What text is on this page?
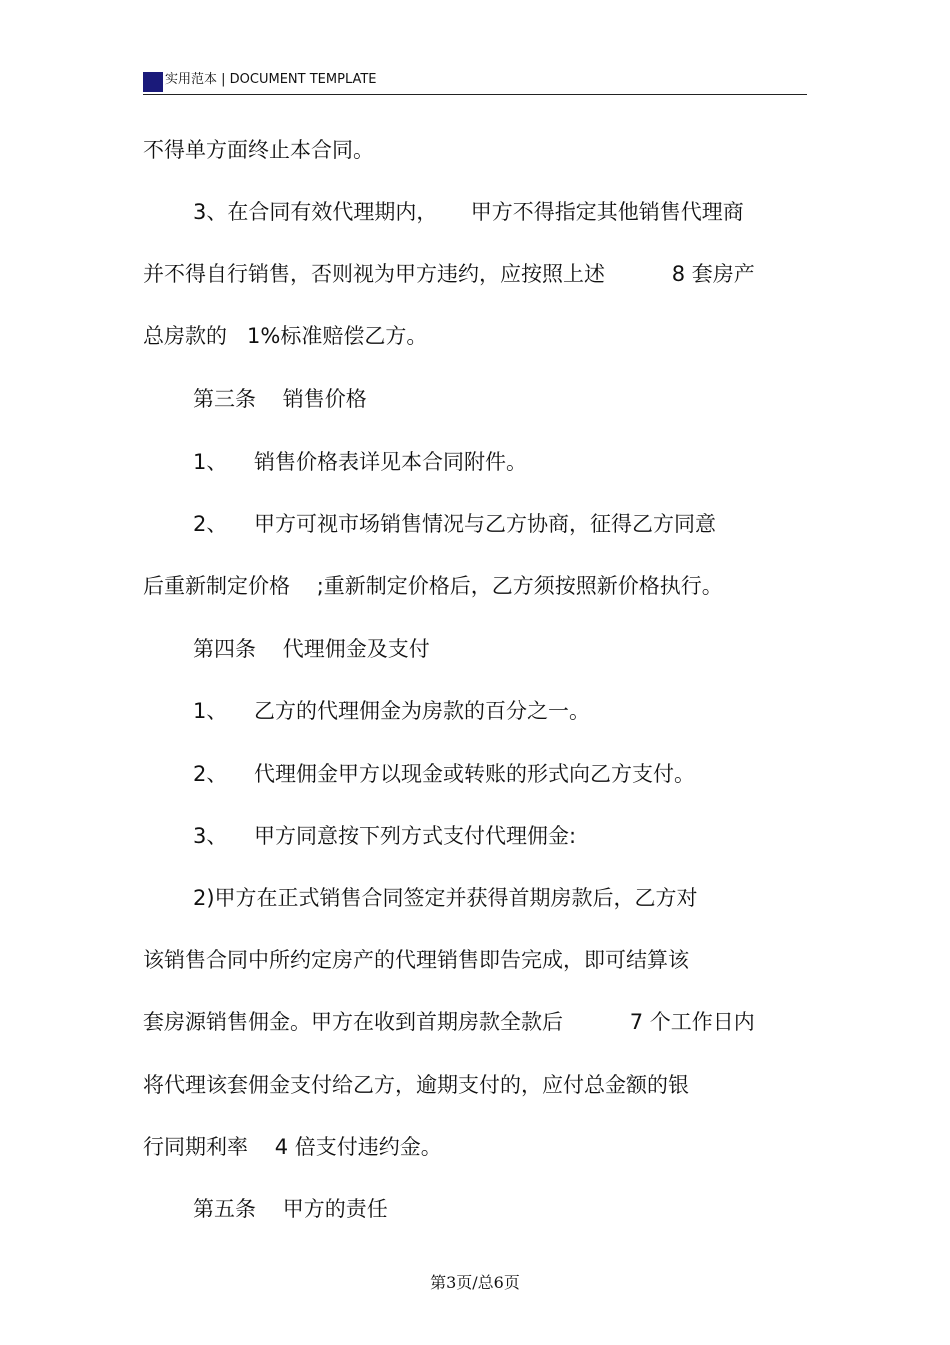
实用范本 | DOCUMENT TEMPLATE

不得单方面终止本合同。

3、在合同有效代理期内，     甲方不得指定其他销售代理商

并不得自行销售，否则视为甲方违约，应按照上述          8 套房产

总房款的   1%标准赔偿乙方。

第三条    销售价格

1、    销售价格表详见本合同附件。

2、    甲方可视市场销售情况与乙方协商，征得乙方同意

后重新制定价格    ;重新制定价格后，乙方须按照新价格执行。

第四条    代理佣金及支付

1、    乙方的代理佣金为房款的百分之一。

2、    代理佣金甲方以现金或转账的形式向乙方支付。

3、    甲方同意按下列方式支付代理佣金:

2)甲方在正式销售合同签定并获得首期房款后，乙方对

该销售合同中所约定房产的代理销售即告完成，即可结算该

套房源销售佣金。甲方在收到首期房款全款后          7 个工作日内

将代理该套佣金支付给乙方，逾期支付的，应付总金额的银

行同期利率    4 倍支付违约金。

第五条    甲方的责任

第3页/总6页
